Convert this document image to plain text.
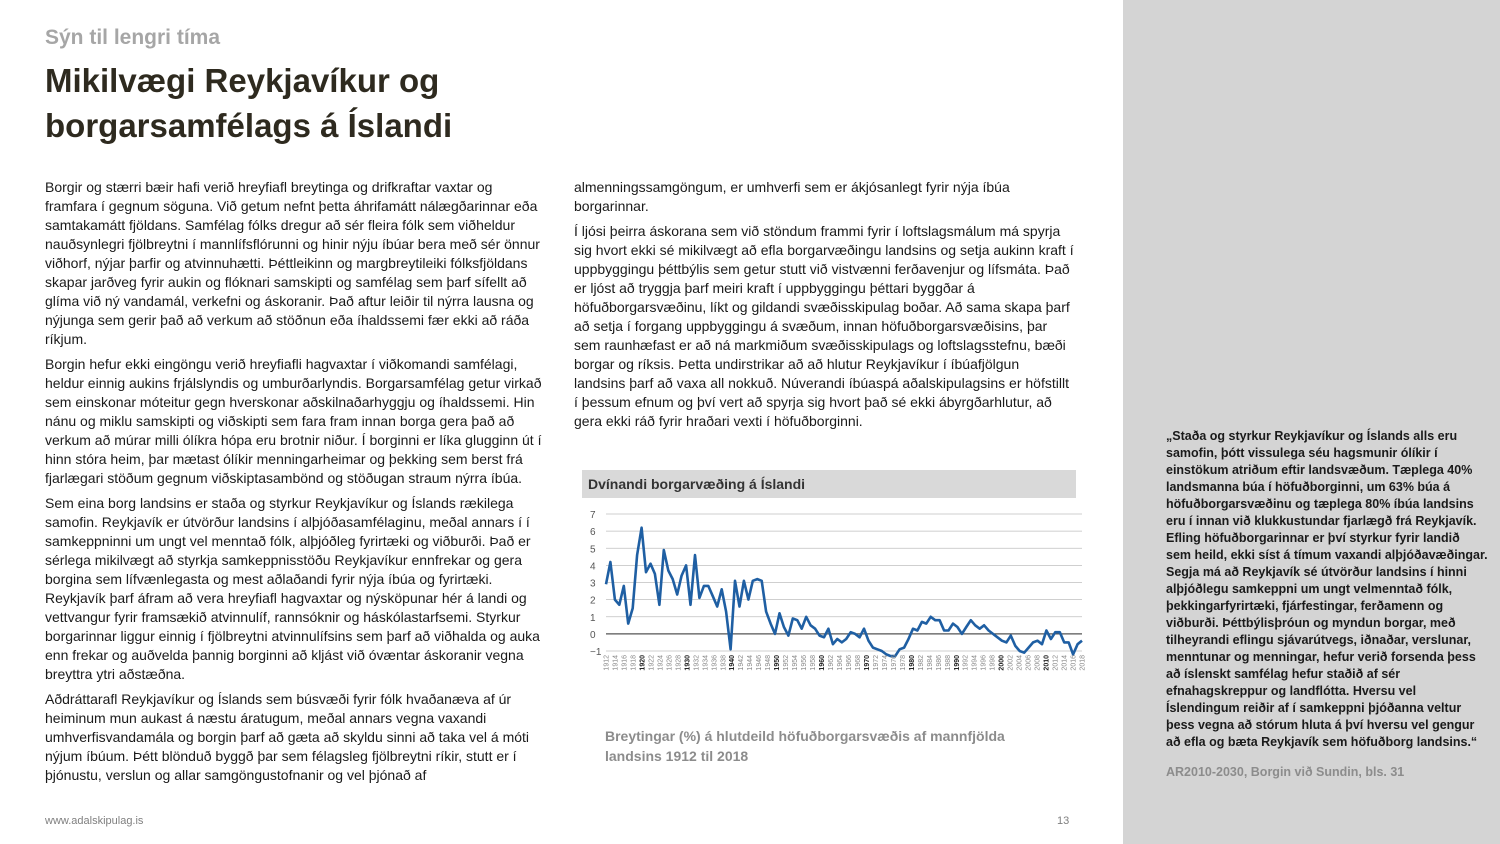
Sýn til lengri tíma

Mikilvægi Reykjavíkur og borgarsamfélags á Íslandi

Borgir og stærri bæir hafi verið hreyfiafl breytinga og drifkraftar vaxtar og framfara í gegnum söguna. Við getum nefnt þetta áhrifamátt nálægðarinnar eða samtakamátt fjöldans. Samfélag fólks dregur að sér fleira fólk sem viðheldur nauðsynlegri fjölbreytni í mannlífsflórunni og hinir nýju íbúar bera með sér önnur viðhorf, nýjar þarfir og atvinnuhætti. Þéttleikinn og margbreytileiki fólksfjöldans skapar jarðveg fyrir aukin og flóknari samskipti og samfélag sem þarf sífellt að glíma við ný vandamál, verkefni og áskoranir. Það aftur leiðir til nýrra lausna og nýjunga sem gerir það að verkum að stöðnun eða íhaldssemi fær ekki að ráða ríkjum.

Borgin hefur ekki eingöngu verið hreyfiafli hagvaxtar í viðkomandi samfélagi, heldur einnig aukins frjálslyndis og umburðarlyndis. Borgarsamfélag getur virkað sem einskonar móteitur gegn hverskonar aðskilnaðarhyggju og íhaldssemi. Hin nánu og miklu samskipti og viðskipti sem fara fram innan borga gera það að verkum að múrar milli ólíkra hópa eru brotnir niður. Í borginni er líka glugginn út í hinn stóra heim, þar mætast ólíkir menningarheimar og þekking sem berst frá fjarlægari stöðum gegnum viðskiptasambönd og stöðugan straum nýrra íbúa.

Sem eina borg landsins er staða og styrkur Reykjavíkur og Íslands rækilega samofin. Reykjavík er útvörður landsins í alþjóðasamfélaginu, meðal annars í í samkeppninni um ungt vel menntað fólk, alþjóðleg fyrirtæki og viðburði. Það er sérlega mikilvægt að styrkja samkeppnisstöðu Reykjavíkur ennfrekar og gera borgina sem lífvænlegasta og mest aðlaðandi fyrir nýja íbúa og fyrirtæki. Reykjavík þarf áfram að vera hreyfiafl hagvaxtar og nýsköpunar hér á landi og vettvangur fyrir framsækið atvinnulíf, rannsóknir og háskólastarfsemi. Styrkur borgarinnar liggur einnig í fjölbreytni atvinnulífsins sem þarf að viðhalda og auka enn frekar og auðvelda þannig borginni að kljást við óvæntar áskoranir vegna breyttra ytri aðstæðna.

Aðdráttarafl Reykjavíkur og Íslands sem búsvæði fyrir fólk hvaðanæva af úr heiminum mun aukast á næstu áratugum, meðal annars vegna vaxandi umhverfisvandamála og borgin þarf að gæta að skyldu sinni að taka vel á móti nýjum íbúum. Þétt blönduð byggð þar sem félagsleg fjölbreytni ríkir, stutt er í þjónustu, verslun og allar samgöngustofnanir og vel þjónað af

almenningssamgöngum, er umhverfi sem er ákjósanlegt fyrir nýja íbúa borgarinnar.

Í ljósi þeirra áskorana sem við stöndum frammi fyrir í loftslagsmálum má spyrja sig hvort ekki sé mikilvægt að efla borgarvæðingu landsins og setja aukinn kraft í uppbyggingu þéttbýlis sem getur stutt við vistvænni ferðavenjur og lífsmáta. Það er ljóst að tryggja þarf meiri kraft í uppbyggingu þéttari byggðar á höfuðborgarsvæðinu, líkt og gildandi svæðisskipulag boðar. Að sama skapa þarf að setja í forgang uppbyggingu á svæðum, innan höfuðborgarsvæðisins, þar sem raunhæfast er að ná markmiðum svæðisskipulags og loftslagsstefnu, bæði borgar og ríksis. Þetta undirstrikar að að hlutur Reykjavíkur í íbúafjölgun landsins þarf að vaxa all nokkuð. Núverandi íbúaspá aðalskipulagsins er höfstillt í þessum efnum og því vert að spyrja sig hvort það sé ekki ábyrgðarhlutur, að gera ekki ráð fyrir hraðari vexti í höfuðborginni.

Dvínandi borgarvæðing á Íslandi
7
6
5
4
3
2
1
0
−1
1912 1914 1916 1918 1920 1922 1924 1926 1928 1930 1932 1934 1936 1938 1940 1942 1944 1946 1948 1950 1952 1954 1956 1958 1960 1962 1964 1966 1968 1970 1972 1974 1976 1978 1980 1982 1984 1986 1988 1990 1992 1994 1996 1998 2000 2002 2004 2006 2008 2010 2012 2014 2016 2018
Breytingar (%) á hlutdeild höfuðborgarsvæðis af mannfjölda landsins 1912 til 2018
„Staða og styrkur Reykjavíkur og Íslands alls eru samofin, þótt vissulega séu hagsmunir ólíkir í einstökum atriðum eftir landsvæðum. Tæplega 40% landsmanna búa í höfuðborginni, um 63% búa á höfuðborgarsvæðinu og tæplega 80% íbúa landsins eru í innan við klukkustundar fjarlægð frá Reykjavík. Efling höfuðborgarinnar er því styrkur fyrir landið sem heild, ekki síst á tímum vaxandi alþjóðavæðingar. Segja má að Reykjavík sé útvörður landsins í hinni alþjóðlegu samkeppni um ungt velmenntað fólk, þekkingarfyrirtæki, fjárfestingar, ferðamenn og viðburði. Þéttbýlisþróun og myndun borgar, með tilheyrandi eflingu sjávarútvegs, iðnaðar, verslunar, menntunar og menningar, hefur verið forsenda þess að íslenskt samfélag hefur staðið af sér efnahagskreppur og landflótta. Hversu vel Íslendingum reiðir af í samkeppni þjóðanna veltur þess vegna að stórum hluta á því hversu vel gengur að efla og bæta Reykjavík sem höfuðborg landsins.“
AR2010-2030, Borgin við Sundin, bls. 31
www.adalskipulag.is	13
